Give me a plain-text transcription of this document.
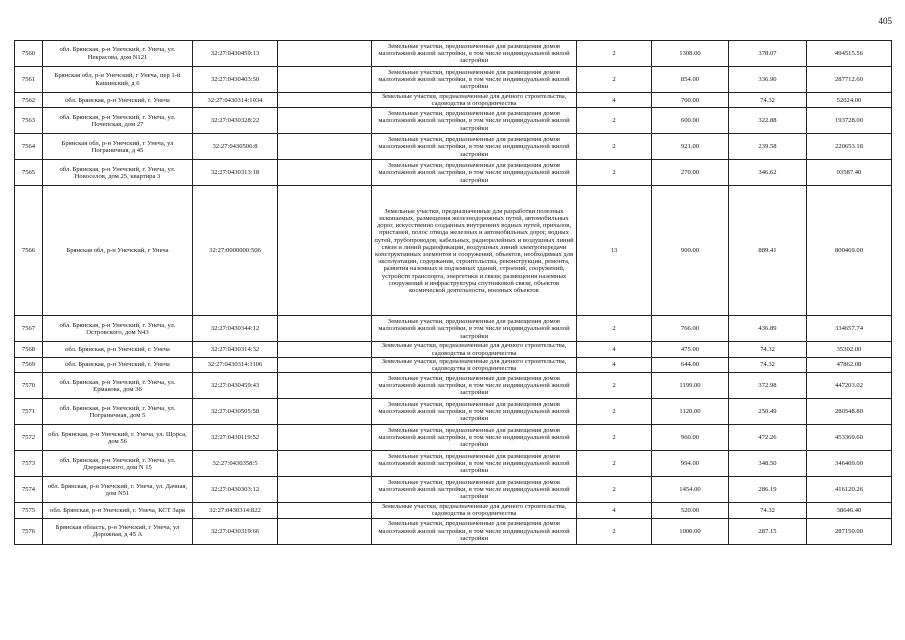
405
7560	обл. Брянская, р-н Унечский, г. Унеча, ул. Некрасова, дом N121	32:27:0430459:13		Земельные участки, предназначенные для размещения домов малоэтажной жилой застройки, в том числе индивидуальной жилой застройки	2	1308.00	378.07	494515.56
7561	Брянская обл, р-н Унечский, г Унеча, пер 1-й Кашинский, д 6	32:27:0430403:50		Земельные участки, предназначенные для размещения домов малоэтажной жилой застройки, в том числе индивидуальной жилой застройки	2	854.00	336.90	287712.60
7562	обл. Брянская, р-н Унечский, г. Унеча	32:27:0430314:1034		Земельные участки, предназначенные для дачного строительства, садоводства и огородничества	4	700.00	74.32	52024.00
7563	обл. Брянская, р-н Унечский, г. Унеча, ул. Почепская, дом 27	32:27:0430328:22		Земельные участки, предназначенные для размещения домов малоэтажной жилой застройки, в том числе индивидуальной жилой застройки	2	600.00	322.88	193728.00
7564	Брянская обл, р-н Унечский, г Унеча, ул Пограничная, д 45	32:27:0430506:8		Земельные участки, предназначенные для размещения домов малоэтажной жилой застройки, в том числе индивидуальной жилой застройки	2	921.00	239.58	220653.18
7565	обл. Брянская, р-н Унечский, г. Унеча, ул. Новоселов, дом 25, квартира 3	32:27:0430313:18		Земельные участки, предназначенные для размещения домов малоэтажной жилой застройки, в том числе индивидуальной жилой застройки	2	270.00	346.62	93587.40
7566	Брянская обл, р-н Унечский, г Унеча	32:27:0000000:506		Земельные участки, предназначенные для разработки полезных ископаемых, размещения железнодорожных путей, автомобильных дорог, искусственно созданных внутренних водных путей, причалов, пристаней, полос отвода железных и автомобильных дорог, водных путей, трубопроводов, кабельных, радиорелейных и воздушных линий связи и линий радиофикации, воздушных линий электропередачи конструктивных элементов и сооружений, объектов, необходимых для эксплуатации, содержания, строительства, реконструкции, ремонта, развития наземных и подземных зданий, строений, сооружений, устройств транспорта, энергетики и связи; размещения наземных сооружений и инфраструктуры спутниковой связи, объектов космической деятельности, военных объектов	13	900.00	889.41	800469.00
7567	обл. Брянская, р-н Унечский, г. Унеча, ул. Островского, дом N43	32:27:0430344:12		Земельные участки, предназначенные для размещения домов малоэтажной жилой застройки, в том числе индивидуальной жилой застройки	2	766.00	436.89	334657.74
7568	обл. Брянская, р-н Унечский, г. Унеча	32:27:0430314:32		Земельные участки, предназначенные для дачного строительства, садоводства и огородничества	4	475.00	74.32	35302.00
7569	обл. Брянская, р-н Унечский, г. Унеча	32:27:0430314:1106		Земельные участки, предназначенные для дачного строительства, садоводства и огородничества	4	644.00	74.32	47862.08
7570	обл. Брянская, р-н Унечский, г. Унеча, ул. Ермакова, дом 36	32:27:0430459:43		Земельные участки, предназначенные для размещения домов малоэтажной жилой застройки, в том числе индивидуальной жилой застройки	2	1199.00	372.98	447203.02
7571	обл. Брянская, р-н Унечский, г. Унеча, ул. Пограничная, дом 5	32:27:0430505:58		Земельные участки, предназначенные для размещения домов малоэтажной жилой застройки, в том числе индивидуальной жилой застройки	2	1120.00	250.49	280548.80
7572	обл. Брянская, р-н Унечский, г. Унеча, ул. Щорса, дом 56	32:27:0430119:52		Земельные участки, предназначенные для размещения домов малоэтажной жилой застройки, в том числе индивидуальной жилой застройки	2	960.00	472.26	453369.60
7573	обл. Брянская, р-н Унечский, г. Унеча, ул. Дзержинского, дом N 15	32:27:0430358:5		Земельные участки, предназначенные для размещения домов малоэтажной жилой застройки, в том числе индивидуальной жилой застройки	2	994.00	348.50	346409.00
7574	обл. Брянская, р-н Унечский, г. Унеча, ул. Дачная, дом N51	32:27:0430303:12		Земельные участки, предназначенные для размещения домов малоэтажной жилой застройки, в том числе индивидуальной жилой застройки	2	1454.00	286.19	416120.26
7575	обл. Брянская, р-н Унечский, г. Унеча, КСТ Заря	32:27:0430314:822		Земельные участки, предназначенные для дачного строительства, садоводства и огородничества	4	520.00	74.32	38646.40
7576	Брянская область, р-н Унечский, г Унеча, ул Дорожная, д 45 А	32:27:0430319:66		Земельные участки, предназначенные для размещения домов малоэтажной жилой застройки, в том числе индивидуальной жилой застройки	2	1000.00	287.15	287150.00
